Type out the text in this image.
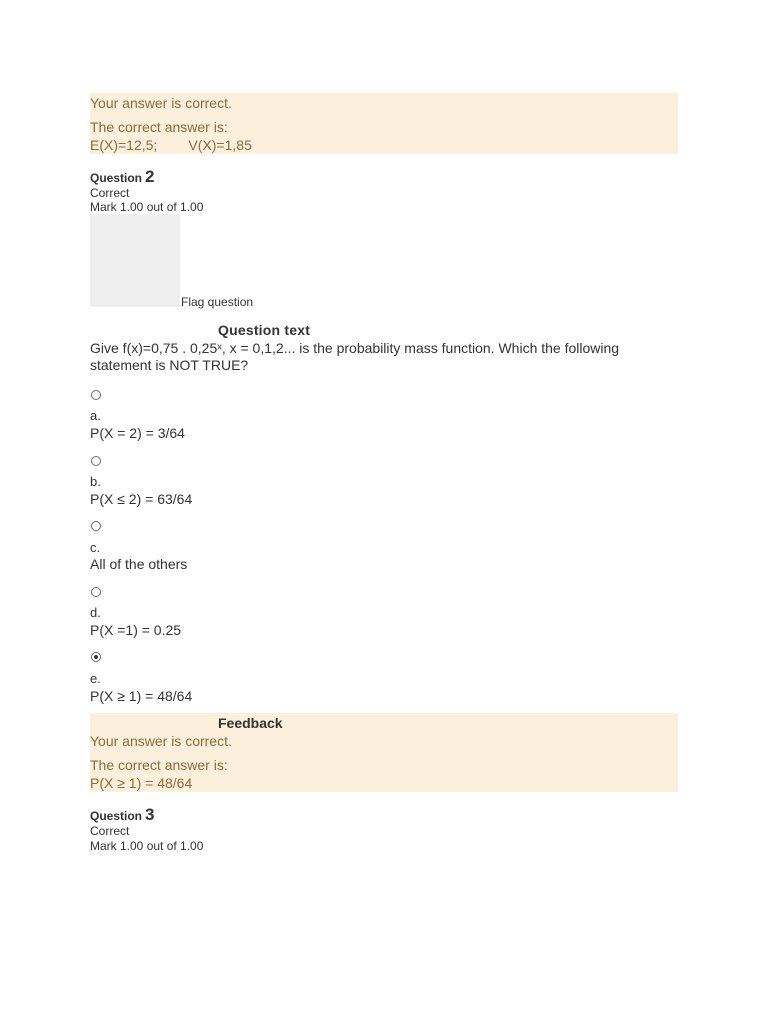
Your answer is correct.
The correct answer is:
E(X)=12,5;        V(X)=1,85
Question 2
Correct
Mark 1.00 out of 1.00
Flag question
Question text
Give f(x)=0,75 . 0,25ˣ, x = 0,1,2... is the probability mass function. Which the following statement is NOT TRUE?
a.
P(X = 2) = 3/64
b.
P(X ≤ 2) = 63/64
c.
All of the others
d.
P(X =1) = 0.25
e.
P(X ≥ 1) = 48/64
Feedback
Your answer is correct.
The correct answer is:
P(X ≥ 1) = 48/64
Question 3
Correct
Mark 1.00 out of 1.00
